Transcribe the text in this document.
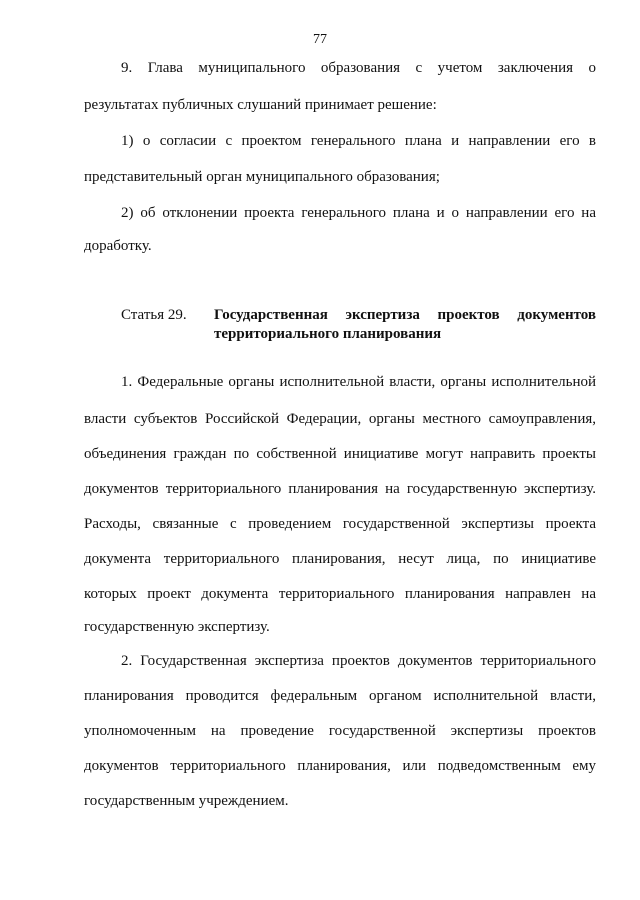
77
9. Глава муниципального образования с учетом заключения о
результатах публичных слушаний принимает решение:
1) о согласии с проектом генерального плана и направлении его в
представительный орган муниципального образования;
2) об отклонении проекта генерального плана и о направлении его на
доработку.
Статья 29. Государственная экспертиза проектов документов
территориального планирования
1. Федеральные органы исполнительной власти, органы исполнительной
власти субъектов Российской Федерации, органы местного самоуправления,
объединения граждан по собственной инициативе могут направить проекты
документов территориального планирования на государственную экспертизу.
Расходы, связанные с проведением государственной экспертизы проекта
документа территориального планирования, несут лица, по инициативе
которых проект документа территориального планирования направлен на
государственную экспертизу.
2. Государственная экспертиза проектов документов территориального
планирования проводится федеральным органом исполнительной власти,
уполномоченным на проведение государственной экспертизы проектов
документов территориального планирования, или подведомственным ему
государственным учреждением.
